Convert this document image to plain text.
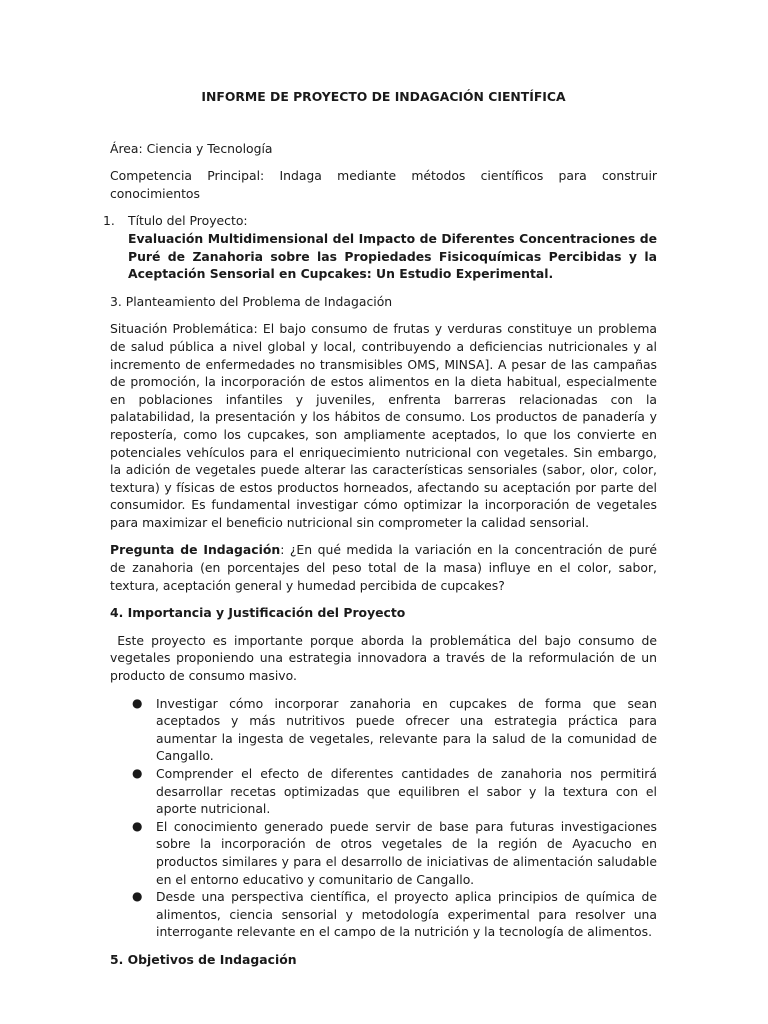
INFORME DE PROYECTO DE INDAGACIÓN CIENTÍFICA

Área: Ciencia y Tecnología

Competencia Principal: Indaga mediante métodos científicos para construir conocimientos

1. Título del Proyecto:

Evaluación Multidimensional del Impacto de Diferentes Concentraciones de Puré de Zanahoria sobre las Propiedades Fisicoquímicas Percibidas y la Aceptación Sensorial en Cupcakes: Un Estudio Experimental.

3. Planteamiento del Problema de Indagación

Situación Problemática: El bajo consumo de frutas y verduras constituye un problema de salud pública a nivel global y local, contribuyendo a deficiencias nutricionales y al incremento de enfermedades no transmisibles OMS, MINSA]. A pesar de las campañas de promoción, la incorporación de estos alimentos en la dieta habitual, especialmente en poblaciones infantiles y juveniles, enfrenta barreras relacionadas con la palatabilidad, la presentación y los hábitos de consumo. Los productos de panadería y repostería, como los cupcakes, son ampliamente aceptados, lo que los convierte en potenciales vehículos para el enriquecimiento nutricional con vegetales. Sin embargo, la adición de vegetales puede alterar las características sensoriales (sabor, olor, color, textura) y físicas de estos productos horneados, afectando su aceptación por parte del consumidor. Es fundamental investigar cómo optimizar la incorporación de vegetales para maximizar el beneficio nutricional sin comprometer la calidad sensorial.

Pregunta de Indagación: ¿En qué medida la variación en la concentración de puré de zanahoria (en porcentajes del peso total de la masa) influye en el color, sabor, textura, aceptación general y humedad percibida de cupcakes?

4. Importancia y Justificación del Proyecto

Este proyecto es importante porque aborda la problemática del bajo consumo de vegetales proponiendo una estrategia innovadora a través de la reformulación de un producto de consumo masivo.

● Investigar cómo incorporar zanahoria en cupcakes de forma que sean aceptados y más nutritivos puede ofrecer una estrategia práctica para aumentar la ingesta de vegetales, relevante para la salud de la comunidad de Cangallo.
● Comprender el efecto de diferentes cantidades de zanahoria nos permitirá desarrollar recetas optimizadas que equilibren el sabor y la textura con el aporte nutricional.
● El conocimiento generado puede servir de base para futuras investigaciones sobre la incorporación de otros vegetales de la región de Ayacucho en productos similares y para el desarrollo de iniciativas de alimentación saludable en el entorno educativo y comunitario de Cangallo.
● Desde una perspectiva científica, el proyecto aplica principios de química de alimentos, ciencia sensorial y metodología experimental para resolver una interrogante relevante en el campo de la nutrición y la tecnología de alimentos.

5. Objetivos de Indagación
